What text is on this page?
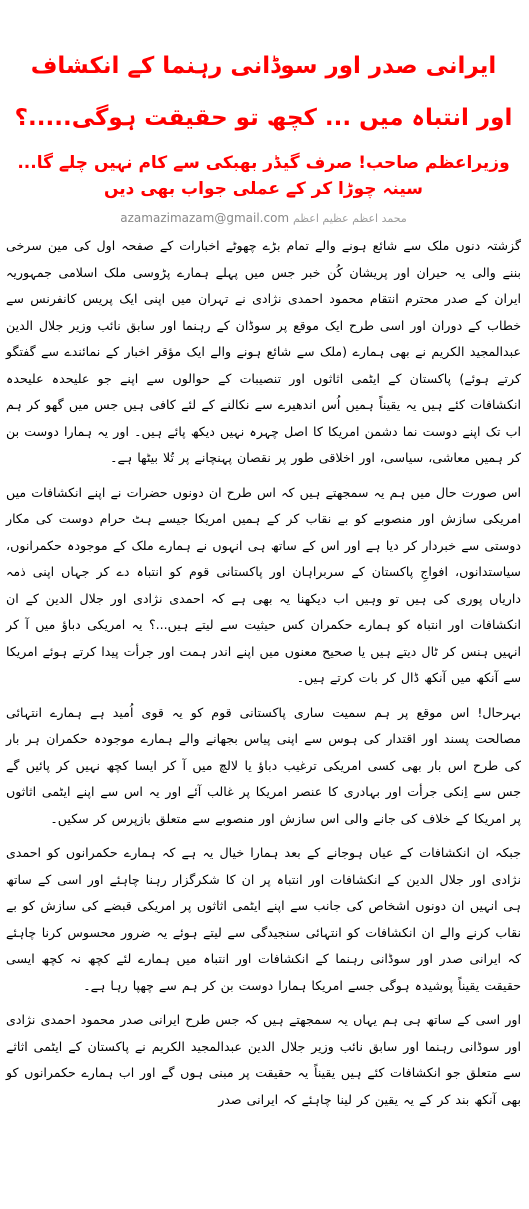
ایرانی صدر اور سوڈانی رہنما کے انکشاف اور انتباہ میں ... کچھ تو حقیقت ہوگی.....؟
وزیراعظم صاحب! صرف گیڈر بھبکی سے کام نہیں چلے گا... سینہ چوڑا کر کے عملی جواب بھی دیں
محمد اعظم عظیم اعظم azamazimazam@gmail.com

گزشتہ دنوں ملک سے شائع ہونے والے تمام بڑے چھوٹے اخبارات کے صفحہ اول کی مین سرخی بننے والی یہ حیران اور پریشان کُن خبر جس میں پہلے ہمارے پڑوسی ملک اسلامی جمہوریہ ایران کے صدر محترم انتقام محمود احمدی نژادی نے تہران میں اپنی ایک پریس کانفرنس سے خطاب کے دوران اور اسی طرح ایک موقع پر سوڈان کے رہنما اور سابق نائب وزیر جلال الدین عبدالمجید الکریم نے بھی ہمارے (ملک سے شائع ہونے والے ایک مؤقر اخبار کے نمائندے سے گفتگو کرتے ہوئے) پاکستان کے ایٹمی اثاثوں اور تنصیبات کے حوالوں سے اپنے جو علیحدہ علیحدہ انکشافات کئے ہیں یہ یقیناً ہمیں اُس اندھیرے سے نکالنے کے لئے کافی ہیں جس میں گھو کر ہم اب تک اپنے دوست نما دشمن امریکا کا اصل چہرہ نہیں دیکھ پائے ہیں۔ اور یہ ہمارا دوست بن کر ہمیں معاشی، سیاسی، اور اخلاقی طور پر نقصان پہنچانے پر تُلا بیٹھا ہے۔

اس صورت حال میں ہم یہ سمجھتے ہیں کہ اس طرح ان دونوں حضرات نے اپنے انکشافات میں امریکی سازش اور منصوبے کو بے نقاب کر کے ہمیں امریکا جیسے ہٹ حرام دوست کی مکار دوستی سے خبردار کر دیا ہے اور اس کے ساتھ ہی انہوں نے ہمارے ملک کے موجودہ حکمرانوں، سیاستدانوں، افواجِ پاکستان کے سربراہان اور پاکستانی قوم کو انتباہ دے کر جہاں اپنی ذمہ داریاں پوری کی ہیں تو وہیں اب دیکھنا یہ بھی ہے کہ احمدی نژادی اور جلال الدین کے ان انکشافات اور انتباہ کو ہمارے حکمران کس حیثیت سے لیتے ہیں...؟ یہ امریکی دباؤ میں آ کر انہیں ہنس کر ٹال دیتے ہیں یا صحیح معنوں میں اپنے اندر ہمت اور جرأت پیدا کرتے ہوئے امریکا سے آنکھ میں آنکھ ڈال کر بات کرتے ہیں۔

بہرحال! اس موقع پر ہم سمیت ساری پاکستانی قوم کو یہ قوی اُمید ہے ہمارے انتہائی مصالحت پسند اور اقتدار کی ہوس سے اپنی پیاس بجھانے والے ہمارے موجودہ حکمران ہر بار کی طرح اس بار بھی کسی امریکی ترغیب دباؤ یا لالچ میں آ کر ایسا کچھ نہیں کر پائیں گے جس سے اِنکی جرأت اور بہادری کا عنصر امریکا پر غالب آئے اور یہ اس سے اپنے ایٹمی اثاثوں پر امریکا کے خلاف کی جانے والی اس سازش اور منصوبے سے متعلق بازپرس کر سکیں۔

جبکہ ان انکشافات کے عیاں ہوجانے کے بعد ہمارا خیال یہ ہے کہ ہمارے حکمرانوں کو احمدی نژادی اور جلال الدین کے انکشافات اور انتباہ پر ان کا شکرگزار رہنا چاہئے اور اسی کے ساتھ ہی انہیں ان دونوں اشخاص کی جانب سے اپنے ایٹمی اثاثوں پر امریکی قبضے کی سازش کو بے نقاب کرنے والے ان انکشافات کو انتہائی سنجیدگی سے لیتے ہوئے یہ ضرور محسوس کرنا چاہئے کہ ایرانی صدر اور سوڈانی رہنما کے انکشافات اور انتباہ میں ہمارے لئے کچھ نہ کچھ ایسی حقیقت یقیناً پوشیدہ ہوگی جسے امریکا ہمارا دوست بن کر ہم سے چھپا رہا ہے۔

اور اسی کے ساتھ ہی ہم یہاں یہ سمجھتے ہیں کہ جس طرح ایرانی صدر محمود احمدی نژادی اور سوڈانی رہنما اور سابق نائب وزیر جلال الدین عبدالمجید الکریم نے پاکستان کے ایٹمی اثاثے سے متعلق جو انکشافات کئے ہیں یقیناً یہ حقیقت پر مبنی ہوں گے اور اب ہمارے حکمرانوں کو بھی آنکھ بند کر کے یہ یقین کر لینا چاہئے کہ ایرانی صدر
